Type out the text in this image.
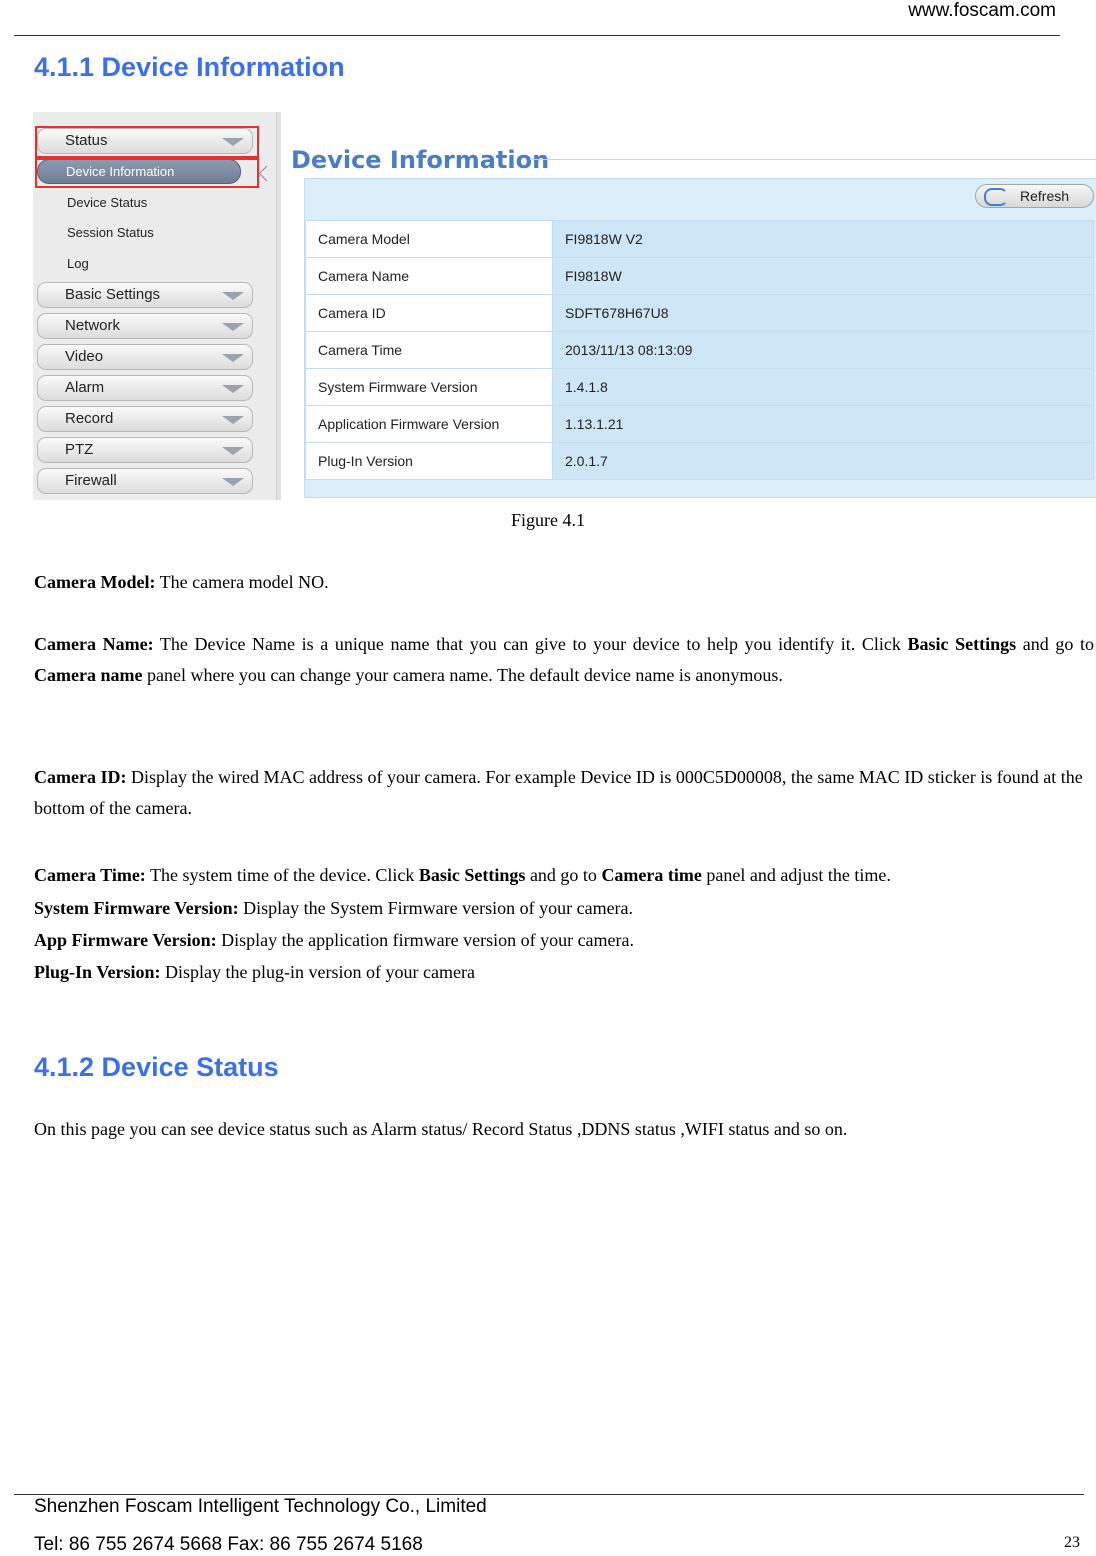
www.foscam.com
4.1.1 Device Information
Status
Device Information
Device Status
Session Status
Log
Basic Settings
Network
Video
Alarm
Record
PTZ
Firewall
Device Information
Refresh
Camera Model	FI9818W V2
Camera Name	FI9818W
Camera ID	SDFT678H67U8
Camera Time	2013/11/13 08:13:09
System Firmware Version	1.4.1.8
Application Firmware Version	1.13.1.21
Plug-In Version	2.0.1.7
Figure 4.1

Camera Model: The camera model NO.

Camera Name: The Device Name is a unique name that you can give to your device to help you identify it. Click Basic Settings and go to Camera name panel where you can change your camera name. The default device name is anonymous.

Camera ID: Display the wired MAC address of your camera. For example Device ID is 000C5D00008, the same MAC ID sticker is found at the bottom of the camera.

Camera Time: The system time of the device. Click Basic Settings and go to Camera time panel and adjust the time.

System Firmware Version: Display the System Firmware version of your camera.

App Firmware Version: Display the application firmware version of your camera.

Plug-In Version: Display the plug-in version of your camera

4.1.2 Device Status

On this page you can see device status such as Alarm status/ Record Status ,DDNS status ,WIFI status and so on.

Shenzhen Foscam Intelligent Technology Co., Limited
Tel: 86 755 2674 5668 Fax: 86 755 2674 5168	23
